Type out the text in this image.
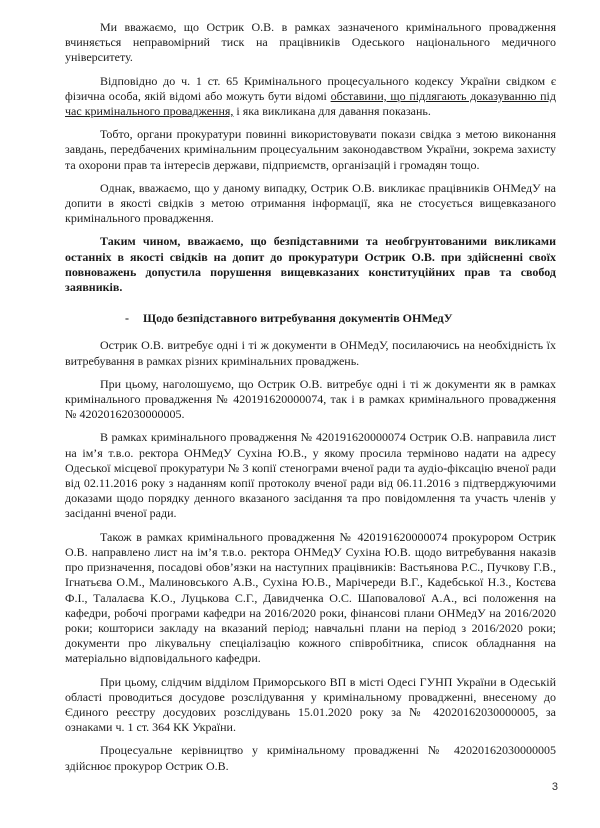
Ми вважаємо, що Острик О.В. в рамках зазначеного кримінального провадження вчиняється неправомірний тиск на працівників Одеського національного медичного університету.

Відповідно до ч. 1 ст. 65 Кримінального процесуального кодексу України свідком є фізична особа, якій відомі або можуть бути відомі обставини, що підлягають доказуванню під час кримінального провадження, і яка викликана для давання показань.

Тобто, органи прокуратури повинні використовувати покази свідка з метою виконання завдань, передбачених кримінальним процесуальним законодавством України, зокрема захисту та охорони прав та інтересів держави, підприємств, організацій і громадян тощо.

Однак, вважаємо, що у даному випадку, Острик О.В. викликає працівників ОНМедУ на допити в якості свідків з метою отримання інформації, яка не стосується вищевказаного кримінального провадження.

Таким чином, вважаємо, що безпідставними та необгрунтованими викликами останніх в якості свідків на допит до прокуратури Острик О.В. при здійсненні своїх повноважень допустила порушення вищевказаних конституційних прав та свобод заявників.

- Щодо безпідставного витребування документів ОНМедУ

Острик О.В. витребує одні і ті ж документи в ОНМедУ, посилаючись на необхідність їх витребування в рамках різних кримінальних проваджень.

При цьому, наголошуємо, що Острик О.В. витребує одні і ті ж документи як в рамках кримінального провадження № 420191620000074, так і в рамках кримінального провадження № 42020162030000005.

В рамках кримінального провадження № 420191620000074 Острик О.В. направила лист на ім’я т.в.о. ректора ОНМедУ Сухіна Ю.В., у якому просила терміново надати на адресу Одеської місцевої прокуратури № 3 копії стенограми вченої ради та аудіо-фіксацію вченої ради від 02.11.2016 року з наданням копії протоколу вченої ради від 06.11.2016 з підтверджуючими доказами щодо порядку денного вказаного засідання та про повідомлення та участь членів у засіданні вченої ради.

Також в рамках кримінального провадження № 420191620000074 прокурором Острик О.В. направлено лист на ім’я т.в.о. ректора ОНМедУ Сухіна Ю.В. щодо витребування наказів про призначення, посадові обов’язки на наступних працівників: Вастьянова Р.С., Пучкову Г.В., Ігнатьєва О.М., Малиновського А.В., Сухіна Ю.В., Марічереди В.Г., Кадебської Н.З., Костєва Ф.І., Талалаєва К.О., Луцькова С.Г., Давидченка О.С. Шаповалової А.А., всі положення на кафедри, робочі програми кафедри на 2016/2020 роки, фінансові плани ОНМедУ на 2016/2020 роки; кошториси закладу на вказаний період; навчальні плани на період з 2016/2020 роки; документи про лікувальну спеціалізацію кожного співробітника, список обладнання на матеріально відповідального кафедри.

При цьому, слідчим відділом Приморського ВП в місті Одесі ГУНП України в Одеській області проводиться досудове розслідування у кримінальному провадженні, внесеному до Єдиного реєстру досудових розслідувань 15.01.2020 року за № 42020162030000005, за ознаками ч. 1 ст. 364 КК України.

Процесуальне керівництво у кримінальному провадженні № 42020162030000005 здійснює прокурор Острик О.В.

3
